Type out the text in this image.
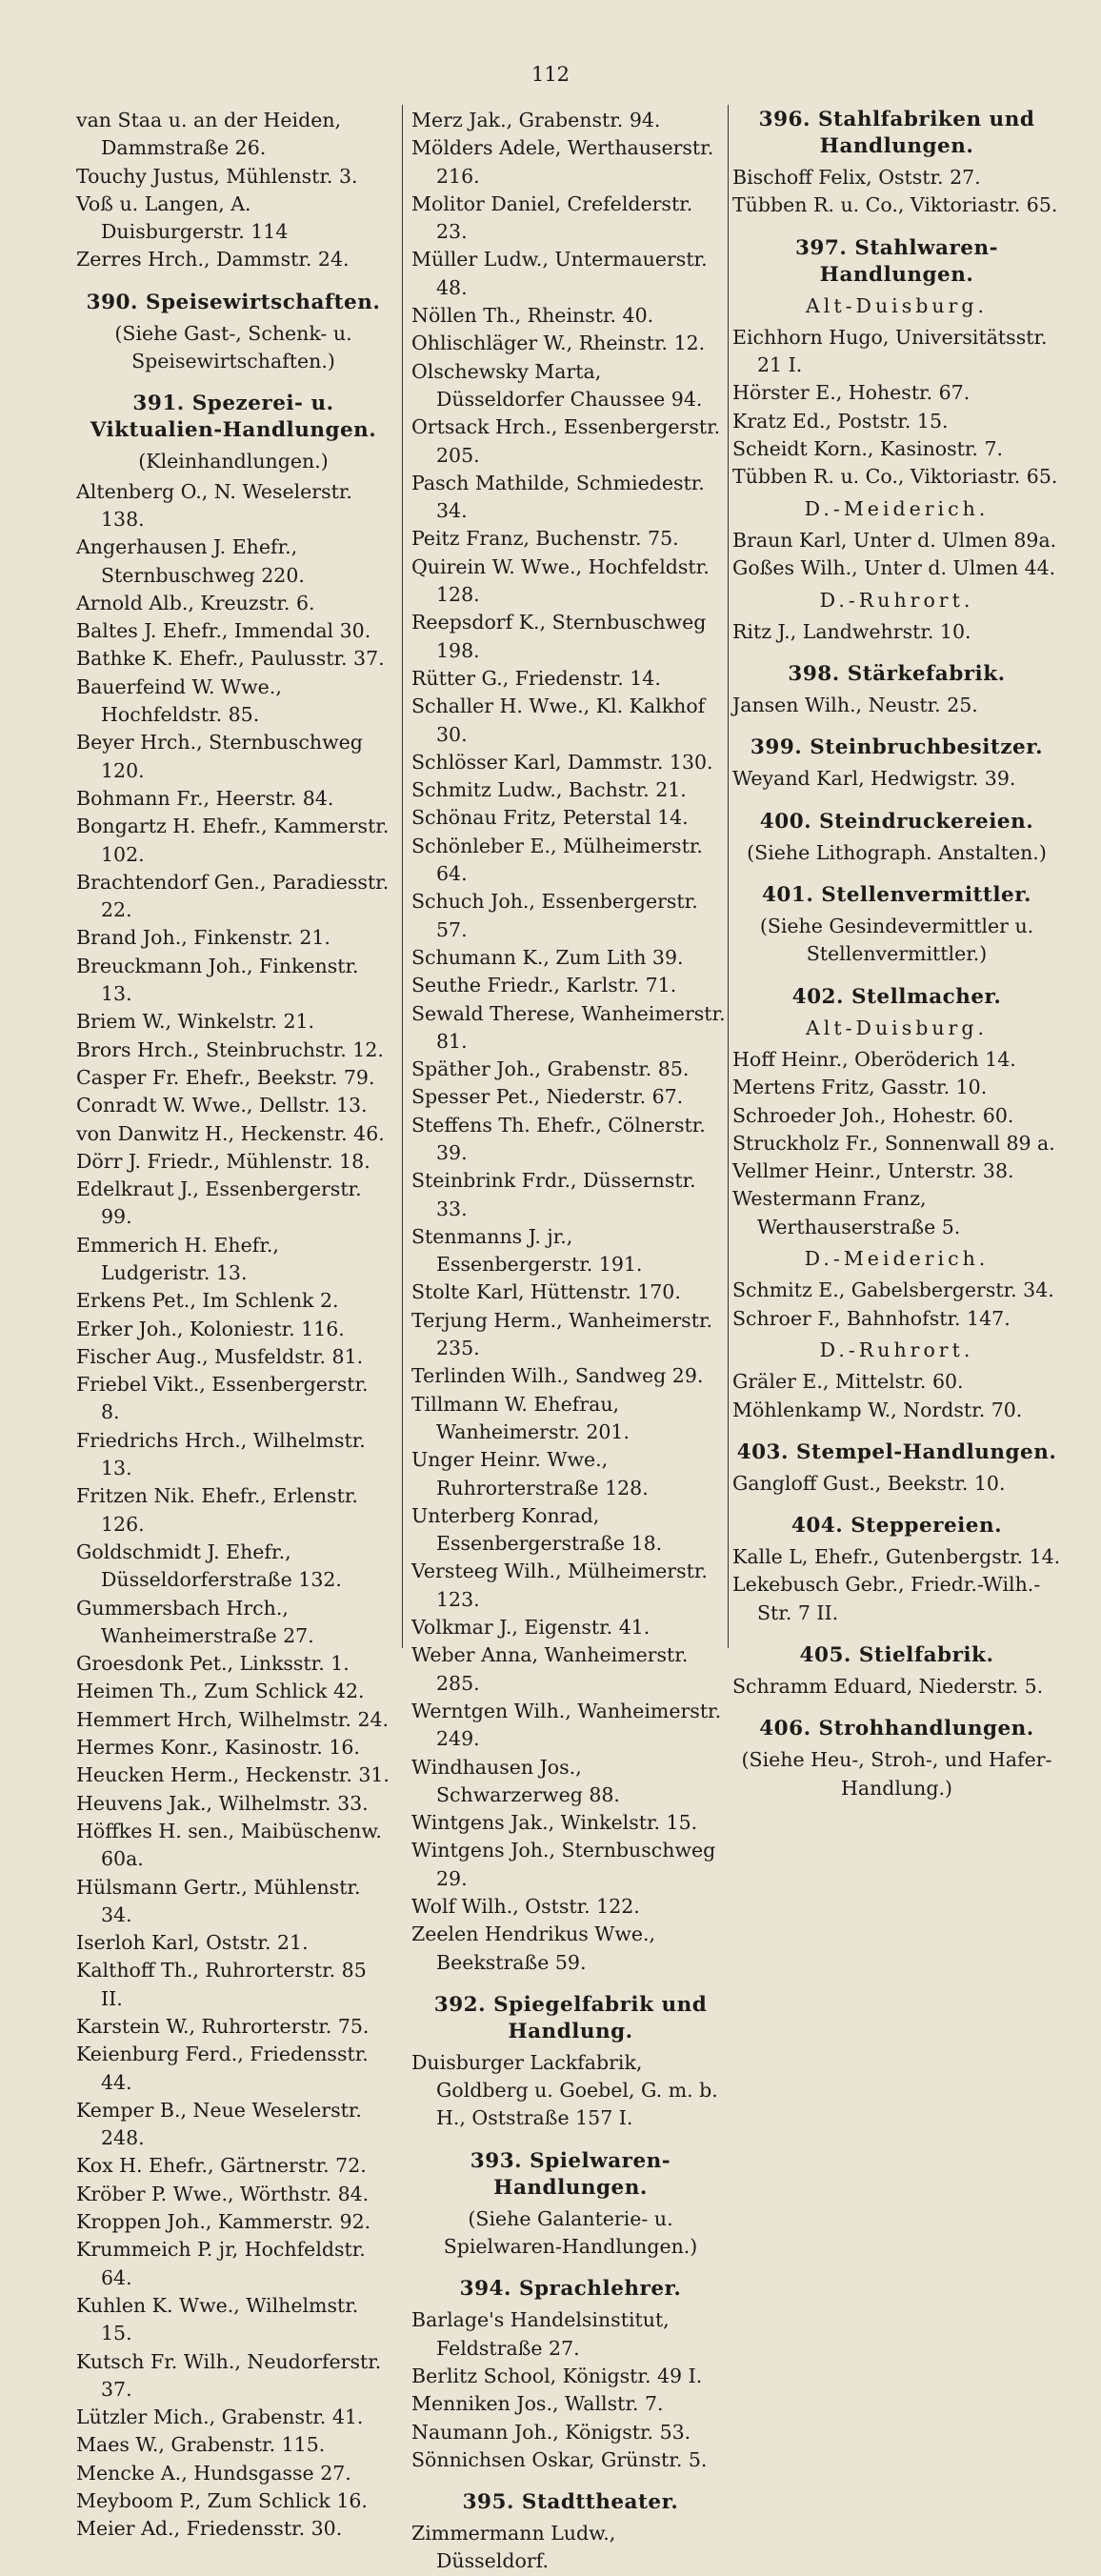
112
van Staa u. an der Heiden, Dammstraße 26.
Touchy Justus, Mühlenstr. 3.
Voß u. Langen, A. Duisburgerstr. 114
Zerres Hrch., Dammstr. 24.
390. Speisewirtschaften.
(Siehe Gast-, Schenk- u. Speisewirtschaften.)
391. Spezerei- u. Viktualien-Handlungen.
(Kleinhandlungen.)
Altenberg O., N. Weselerstr. 138.
Angerhausen J. Ehefr., Sternbuschweg 220.
Arnold Alb., Kreuzstr. 6.
Baltes J. Ehefr., Immendal 30.
Bathke K. Ehefr., Paulusstr. 37.
Bauerfeind W. Wwe., Hochfeldstr. 85.
Beyer Hrch., Sternbuschweg 120.
Bohmann Fr., Heerstr. 84.
Bongartz H. Ehefr., Kammerstr. 102.
Brachtendorf Gen., Paradiesstr. 22.
Brand Joh., Finkenstr. 21.
Breuckmann Joh., Finkenstr. 13.
Briem W., Winkelstr. 21.
Brors Hrch., Steinbruchstr. 12.
Casper Fr. Ehefr., Beekstr. 79.
Conradt W. Wwe., Dellstr. 13.
von Danwitz H., Heckenstr. 46.
Dörr J. Friedr., Mühlenstr. 18.
Edelkraut J., Essenbergerstr. 99.
Emmerich H. Ehefr., Ludgeristr. 13.
Erkens Pet., Im Schlenk 2.
Erker Joh., Koloniestr. 116.
Fischer Aug., Musfeldstr. 81.
Friebel Vikt., Essenbergerstr. 8.
Friedrichs Hrch., Wilhelmstr. 13.
Fritzen Nik. Ehefr., Erlenstr. 126.
Goldschmidt J. Ehefr., Düsseldorferstraße 132.
Gummersbach Hrch., Wanheimerstraße 27.
Groesdonk Pet., Linksstr. 1.
Heimen Th., Zum Schlick 42.
Hemmert Hrch, Wilhelmstr. 24.
Hermes Konr., Kasinostr. 16.
Heucken Herm., Heckenstr. 31.
Heuvens Jak., Wilhelmstr. 33.
Höffkes H. sen., Maibüschenw. 60a.
Hülsmann Gertr., Mühlenstr. 34.
Iserloh Karl, Oststr. 21.
Kalthoff Th., Ruhrorterstr. 85 II.
Karstein W., Ruhrorterstr. 75.
Keienburg Ferd., Friedensstr. 44.
Kemper B., Neue Weselerstr. 248.
Kox H. Ehefr., Gärtnerstr. 72.
Kröber P. Wwe., Wörthstr. 84.
Kroppen Joh., Kammerstr. 92.
Krummeich P. jr, Hochfeldstr. 64.
Kuhlen K. Wwe., Wilhelmstr. 15.
Kutsch Fr. Wilh., Neudorferstr. 37.
Lützler Mich., Grabenstr. 41.
Maes W., Grabenstr. 115.
Mencke A., Hundsgasse 27.
Meyboom P., Zum Schlick 16.
Meier Ad., Friedensstr. 30.
Merz Jak., Grabenstr. 94.
Mölders Adele, Werthauserstr. 216.
Molitor Daniel, Crefelderstr. 23.
Müller Ludw., Untermauerstr. 48.
Nöllen Th., Rheinstr. 40.
Ohlischläger W., Rheinstr. 12.
Olschewsky Marta, Düsseldorfer Chaussee 94.
Ortsack Hrch., Essenbergerstr. 205.
Pasch Mathilde, Schmiedestr. 34.
Peitz Franz, Buchenstr. 75.
Quirein W. Wwe., Hochfeldstr. 128.
Reepsdorf K., Sternbuschweg 198.
Rütter G., Friedenstr. 14.
Schaller H. Wwe., Kl. Kalkhof 30.
Schlösser Karl, Dammstr. 130.
Schmitz Ludw., Bachstr. 21.
Schönau Fritz, Peterstal 14.
Schönleber E., Mülheimerstr. 64.
Schuch Joh., Essenbergerstr. 57.
Schumann K., Zum Lith 39.
Seuthe Friedr., Karlstr. 71.
Sewald Therese, Wanheimerstr. 81.
Späther Joh., Grabenstr. 85.
Spesser Pet., Niederstr. 67.
Steffens Th. Ehefr., Cölnerstr. 39.
Steinbrink Frdr., Düssernstr. 33.
Stenmanns J. jr., Essenbergerstr. 191.
Stolte Karl, Hüttenstr. 170.
Terjung Herm., Wanheimerstr. 235.
Terlinden Wilh., Sandweg 29.
Tillmann W. Ehefrau, Wanheimerstr. 201.
Unger Heinr. Wwe., Ruhrorterstraße 128.
Unterberg Konrad, Essenbergerstraße 18.
Versteeg Wilh., Mülheimerstr. 123.
Volkmar J., Eigenstr. 41.
Weber Anna, Wanheimerstr. 285.
Werntgen Wilh., Wanheimerstr. 249.
Windhausen Jos., Schwarzerweg 88.
Wintgens Jak., Winkelstr. 15.
Wintgens Joh., Sternbuschweg 29.
Wolf Wilh., Oststr. 122.
Zeelen Hendrikus Wwe., Beekstraße 59.
392. Spiegelfabrik und Handlung.
Duisburger Lackfabrik, Goldberg u. Goebel, G. m. b. H., Oststraße 157 I.
393. Spielwaren-Handlungen.
(Siehe Galanterie- u. Spielwaren-Handlungen.)
394. Sprachlehrer.
Barlage's Handelsinstitut, Feldstraße 27.
Berlitz School, Königstr. 49 I.
Menniken Jos., Wallstr. 7.
Naumann Joh., Königstr. 53.
Sönnichsen Oskar, Grünstr. 5.
395. Stadttheater.
Zimmermann Ludw., Düsseldorf.
396. Stahlfabriken und Handlungen.
Bischoff Felix, Oststr. 27.
Tübben R. u. Co., Viktoriastr. 65.
397. Stahlwaren-Handlungen.
Alt-Duisburg.
Eichhorn Hugo, Universitätsstr. 21 I.
Hörster E., Hohestr. 67.
Kratz Ed., Poststr. 15.
Scheidt Korn., Kasinostr. 7.
Tübben R. u. Co., Viktoriastr. 65.
D.-Meiderich.
Braun Karl, Unter d. Ulmen 89a.
Goßes Wilh., Unter d. Ulmen 44.
D.-Ruhrort.
Ritz J., Landwehrstr. 10.
398. Stärkefabrik.
Jansen Wilh., Neustr. 25.
399. Steinbruchbesitzer.
Weyand Karl, Hedwigstr. 39.
400. Steindruckereien.
(Siehe Lithograph. Anstalten.)
401. Stellenvermittler.
(Siehe Gesindevermittler u. Stellenvermittler.)
402. Stellmacher.
Alt-Duisburg.
Hoff Heinr., Oberöderich 14.
Mertens Fritz, Gasstr. 10.
Schroeder Joh., Hohestr. 60.
Struckholz Fr., Sonnenwall 89 a.
Vellmer Heinr., Unterstr. 38.
Westermann Franz, Werthauserstraße 5.
D.-Meiderich.
Schmitz E., Gabelsbergerstr. 34.
Schroer F., Bahnhofstr. 147.
D.-Ruhrort.
Gräler E., Mittelstr. 60.
Möhlenkamp W., Nordstr. 70.
403. Stempel-Handlungen.
Gangloff Gust., Beekstr. 10.
404. Steppereien.
Kalle L, Ehefr., Gutenbergstr. 14.
Lekebusch Gebr., Friedr.-Wilh.-Str. 7 II.
405. Stielfabrik.
Schramm Eduard, Niederstr. 5.
406. Strohhandlungen.
(Siehe Heu-, Stroh-, und Hafer-Handlung.)
